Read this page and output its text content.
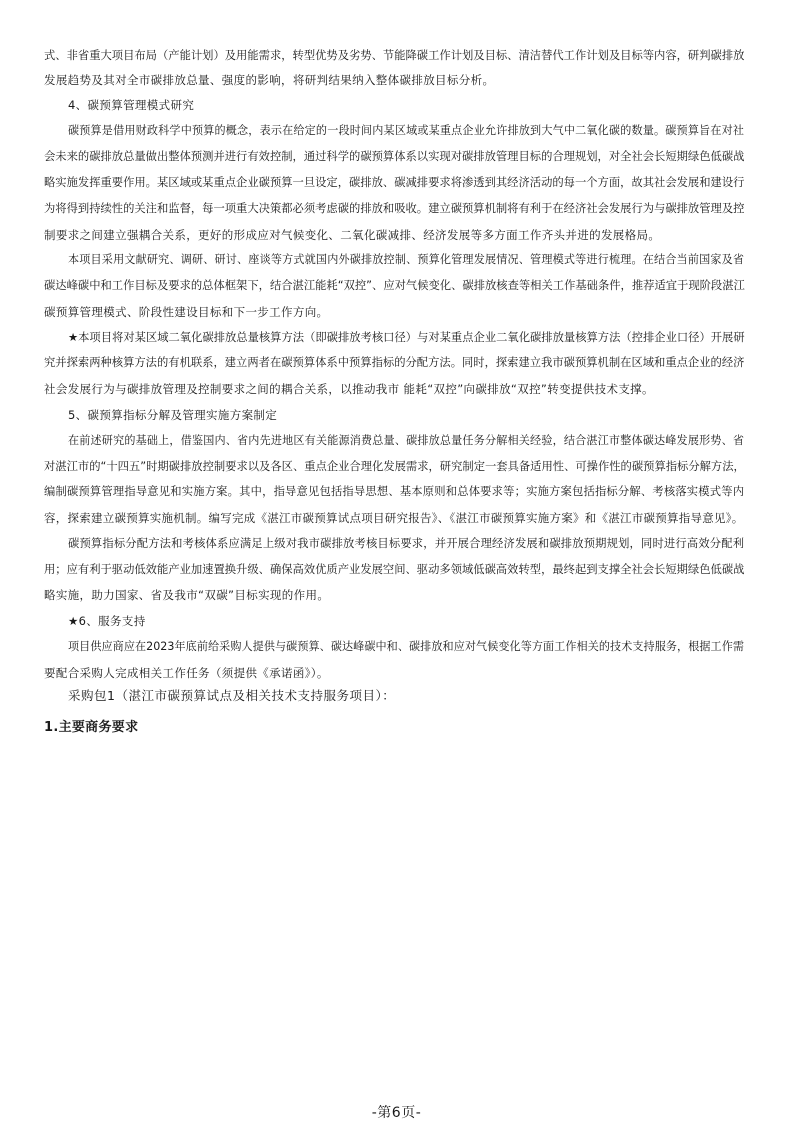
式、非省重大项目布局（产能计划）及用能需求，转型优势及劣势、节能降碳工作计划及目标、清洁替代工作计划及目标等内容，研判碳排放
发展趋势及其对全市碳排放总量、强度的影响，将研判结果纳入整体碳排放目标分析。
4、碳预算管理模式研究
碳预算是借用财政科学中预算的概念，表示在给定的一段时间内某区域或某重点企业允许排放到大气中二氧化碳的数量。碳预算旨在对社
会未来的碳排放总量做出整体预测并进行有效控制，通过科学的碳预算体系以实现对碳排放管理目标的合理规划，对全社会长短期绿色低碳战
略实施发挥重要作用。某区域或某重点企业碳预算一旦设定，碳排放、碳减排要求将渗透到其经济活动的每一个方面，故其社会发展和建设行
为将得到持续性的关注和监督，每一项重大决策都必须考虑碳的排放和吸收。建立碳预算机制将有利于在经济社会发展行为与碳排放管理及控
制要求之间建立强耦合关系，更好的形成应对气候变化、二氧化碳减排、经济发展等多方面工作齐头并进的发展格局。
本项目采用文献研究、调研、研讨、座谈等方式就国内外碳排放控制、预算化管理发展情况、管理模式等进行梳理。在结合当前国家及省
碳达峰碳中和工作目标及要求的总体框架下，结合湛江能耗“双控”、应对气候变化、碳排放核查等相关工作基础条件，推荐适宜于现阶段湛江
碳预算管理模式、阶段性建设目标和下一步工作方向。
★本项目将对某区域二氧化碳排放总量核算方法（即碳排放考核口径）与对某重点企业二氧化碳排放量核算方法（控排企业口径）开展研
究并探索两种核算方法的有机联系，建立两者在碳预算体系中预算指标的分配方法。同时，探索建立我市碳预算机制在区域和重点企业的经济
社会发展行为与碳排放管理及控制要求之间的耦合关系，以推动我市 能耗“双控”向碳排放“双控”转变提供技术支撑。
5、碳预算指标分解及管理实施方案制定
在前述研究的基础上，借鉴国内、省内先进地区有关能源消费总量、碳排放总量任务分解相关经验，结合湛江市整体碳达峰发展形势、省
对湛江市的“十四五”时期碳排放控制要求以及各区、重点企业合理化发展需求，研究制定一套具备适用性、可操作性的碳预算指标分解方法，
编制碳预算管理指导意见和实施方案。其中，指导意见包括指导思想、基本原则和总体要求等；实施方案包括指标分解、考核落实模式等内
容，探索建立碳预算实施机制。编写完成《湛江市碳预算试点项目研究报告》、《湛江市碳预算实施方案》和《湛江市碳预算指导意见》。
碳预算指标分配方法和考核体系应满足上级对我市碳排放考核目标要求，并开展合理经济发展和碳排放预期规划，同时进行高效分配利
用；应有利于驱动低效能产业加速置换升级、确保高效优质产业发展空间、驱动多领域低碳高效转型，最终起到支撑全社会长短期绿色低碳战
略实施，助力国家、省及我市“双碳”目标实现的作用。
★6、服务支持
项目供应商应在2023年底前给采购人提供与碳预算、碳达峰碳中和、碳排放和应对气候变化等方面工作相关的技术支持服务，根据工作需
要配合采购人完成相关工作任务（须提供《承诺函》）。
采购包1（湛江市碳预算试点及相关技术支持服务项目）：
1.主要商务要求
-第6页-
